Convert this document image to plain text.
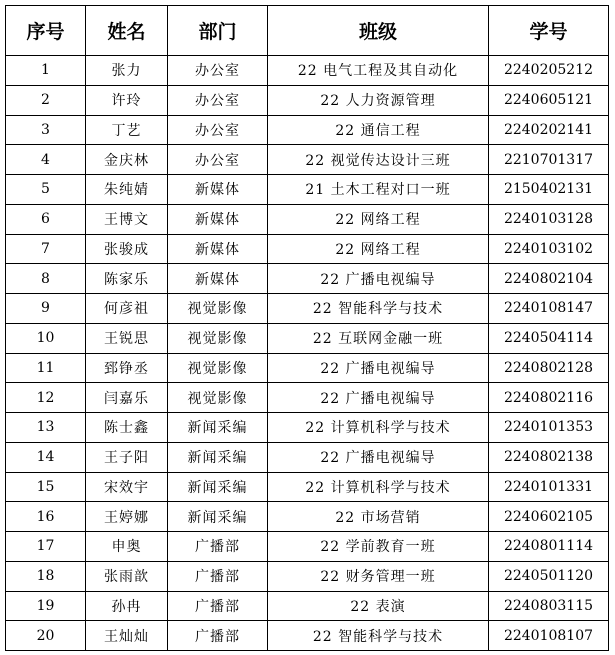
序号	姓名	部门	班级	学号
1	张力	办公室	22 电气工程及其自动化	2240205212
2	许玲	办公室	22 人力资源管理	2240605121
3	丁艺	办公室	22 通信工程	2240202141
4	金庆林	办公室	22 视觉传达设计三班	2210701317
5	朱纯婧	新媒体	21 土木工程对口一班	2150402131
6	王博文	新媒体	22 网络工程	2240103128
7	张骏成	新媒体	22 网络工程	2240103102
8	陈家乐	新媒体	22 广播电视编导	2240802104
9	何彦祖	视觉影像	22 智能科学与技术	2240108147
10	王锐思	视觉影像	22 互联网金融一班	2240504114
11	郅铮丞	视觉影像	22 广播电视编导	2240802128
12	闫嘉乐	视觉影像	22 广播电视编导	2240802116
13	陈士鑫	新闻采编	22 计算机科学与技术	2240101353
14	王子阳	新闻采编	22 广播电视编导	2240802138
15	宋效宇	新闻采编	22 计算机科学与技术	2240101331
16	王婷娜	新闻采编	22 市场营销	2240602105
17	申奥	广播部	22 学前教育一班	2240801114
18	张雨歆	广播部	22 财务管理一班	2240501120
19	孙冉	广播部	22 表演	2240803115
20	王灿灿	广播部	22 智能科学与技术	2240108107
